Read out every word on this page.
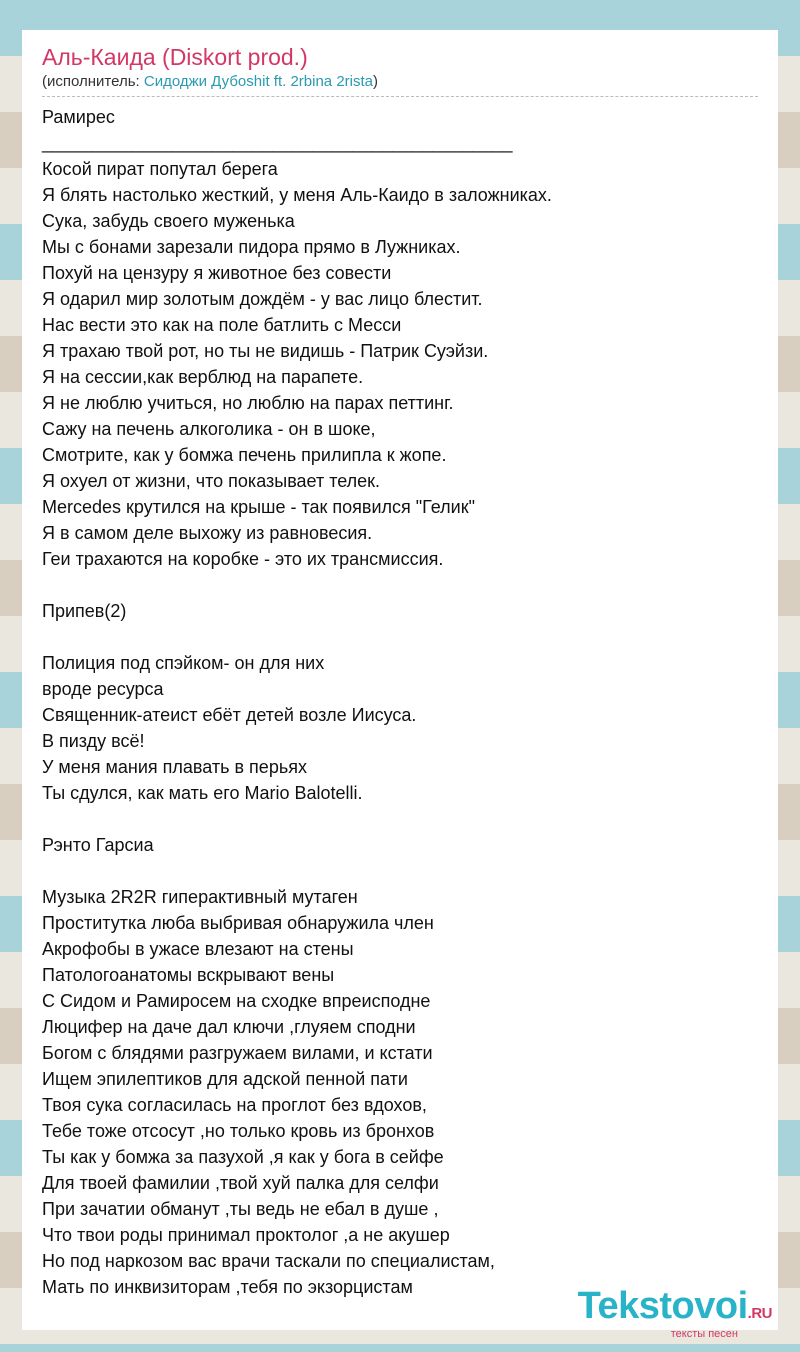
Аль-Каида (Diskort prod.)
(исполнитель: Сидоджи Дубоshit ft. 2rbina 2rista)
Рамирес
_______________________________________________
Косой пират попутал берега
Я блять настолько жесткий, у меня Аль-Каидо в заложниках.
Сука, забудь своего муженька
Мы с бонами зарезали пидора прямо в Лужниках.
Похуй на цензуру я животное без совести
Я одарил мир золотым дождём - у вас лицо блестит.
Нас вести это как на поле батлить с Месси
Я трахаю твой рот, но ты не видишь - Патрик Суэйзи.
Я на сессии,как верблюд на парапете.
Я не люблю учиться, но люблю на парах петтинг.
Сажу на печень алкоголика - он в шоке,
Смотрите, как у бомжа печень прилипла к жопе.
Я охуел от жизни, что показывает телек.
Mercedes крутился на крыше - так появился "Гелик"
Я в самом деле выхожу из равновесия.
Геи трахаются на коробке - это их трансмиссия.

Припев(2)

Полиция под спэйком- он для них
вроде ресурса
Священник-атеист ебёт детей возле Иисуса.
В пизду всё!
У меня мания плавать в перьях
Ты сдулся, как мать его Mario Balotelli.

Рэнто Гарсиа

Музыка 2R2R гиперактивный мутаген
Проститутка люба выбривая обнаружила член
Акрофобы в ужасе влезают на стены
Патологоанатомы вскрывают вены
С Сидом и Рамиросем на сходке впреисподне
Люцифер на даче дал ключи ,глуяем сподни
Богом с блядями разгружаем вилами, и кстати
Ищем эпилептиков для адской пенной пати
Твоя сука согласилась на проглот без вдохов,
Тебе тоже отсосут ,но только кровь из бронхов
Ты как у бомжа за пазухой ,я как у бога в сейфе
Для твоей фамилии ,твой хуй палка для селфи
При зачатии обманут ,ты ведь не ебал в душе ,
Что твои роды принимал проктолог ,а не акушер
Но под наркозом вас врачи таскали по специалистам,
Мать по инквизиторам ,тебя по экзорцистам	Tekstovoi.RU
тексты песен
